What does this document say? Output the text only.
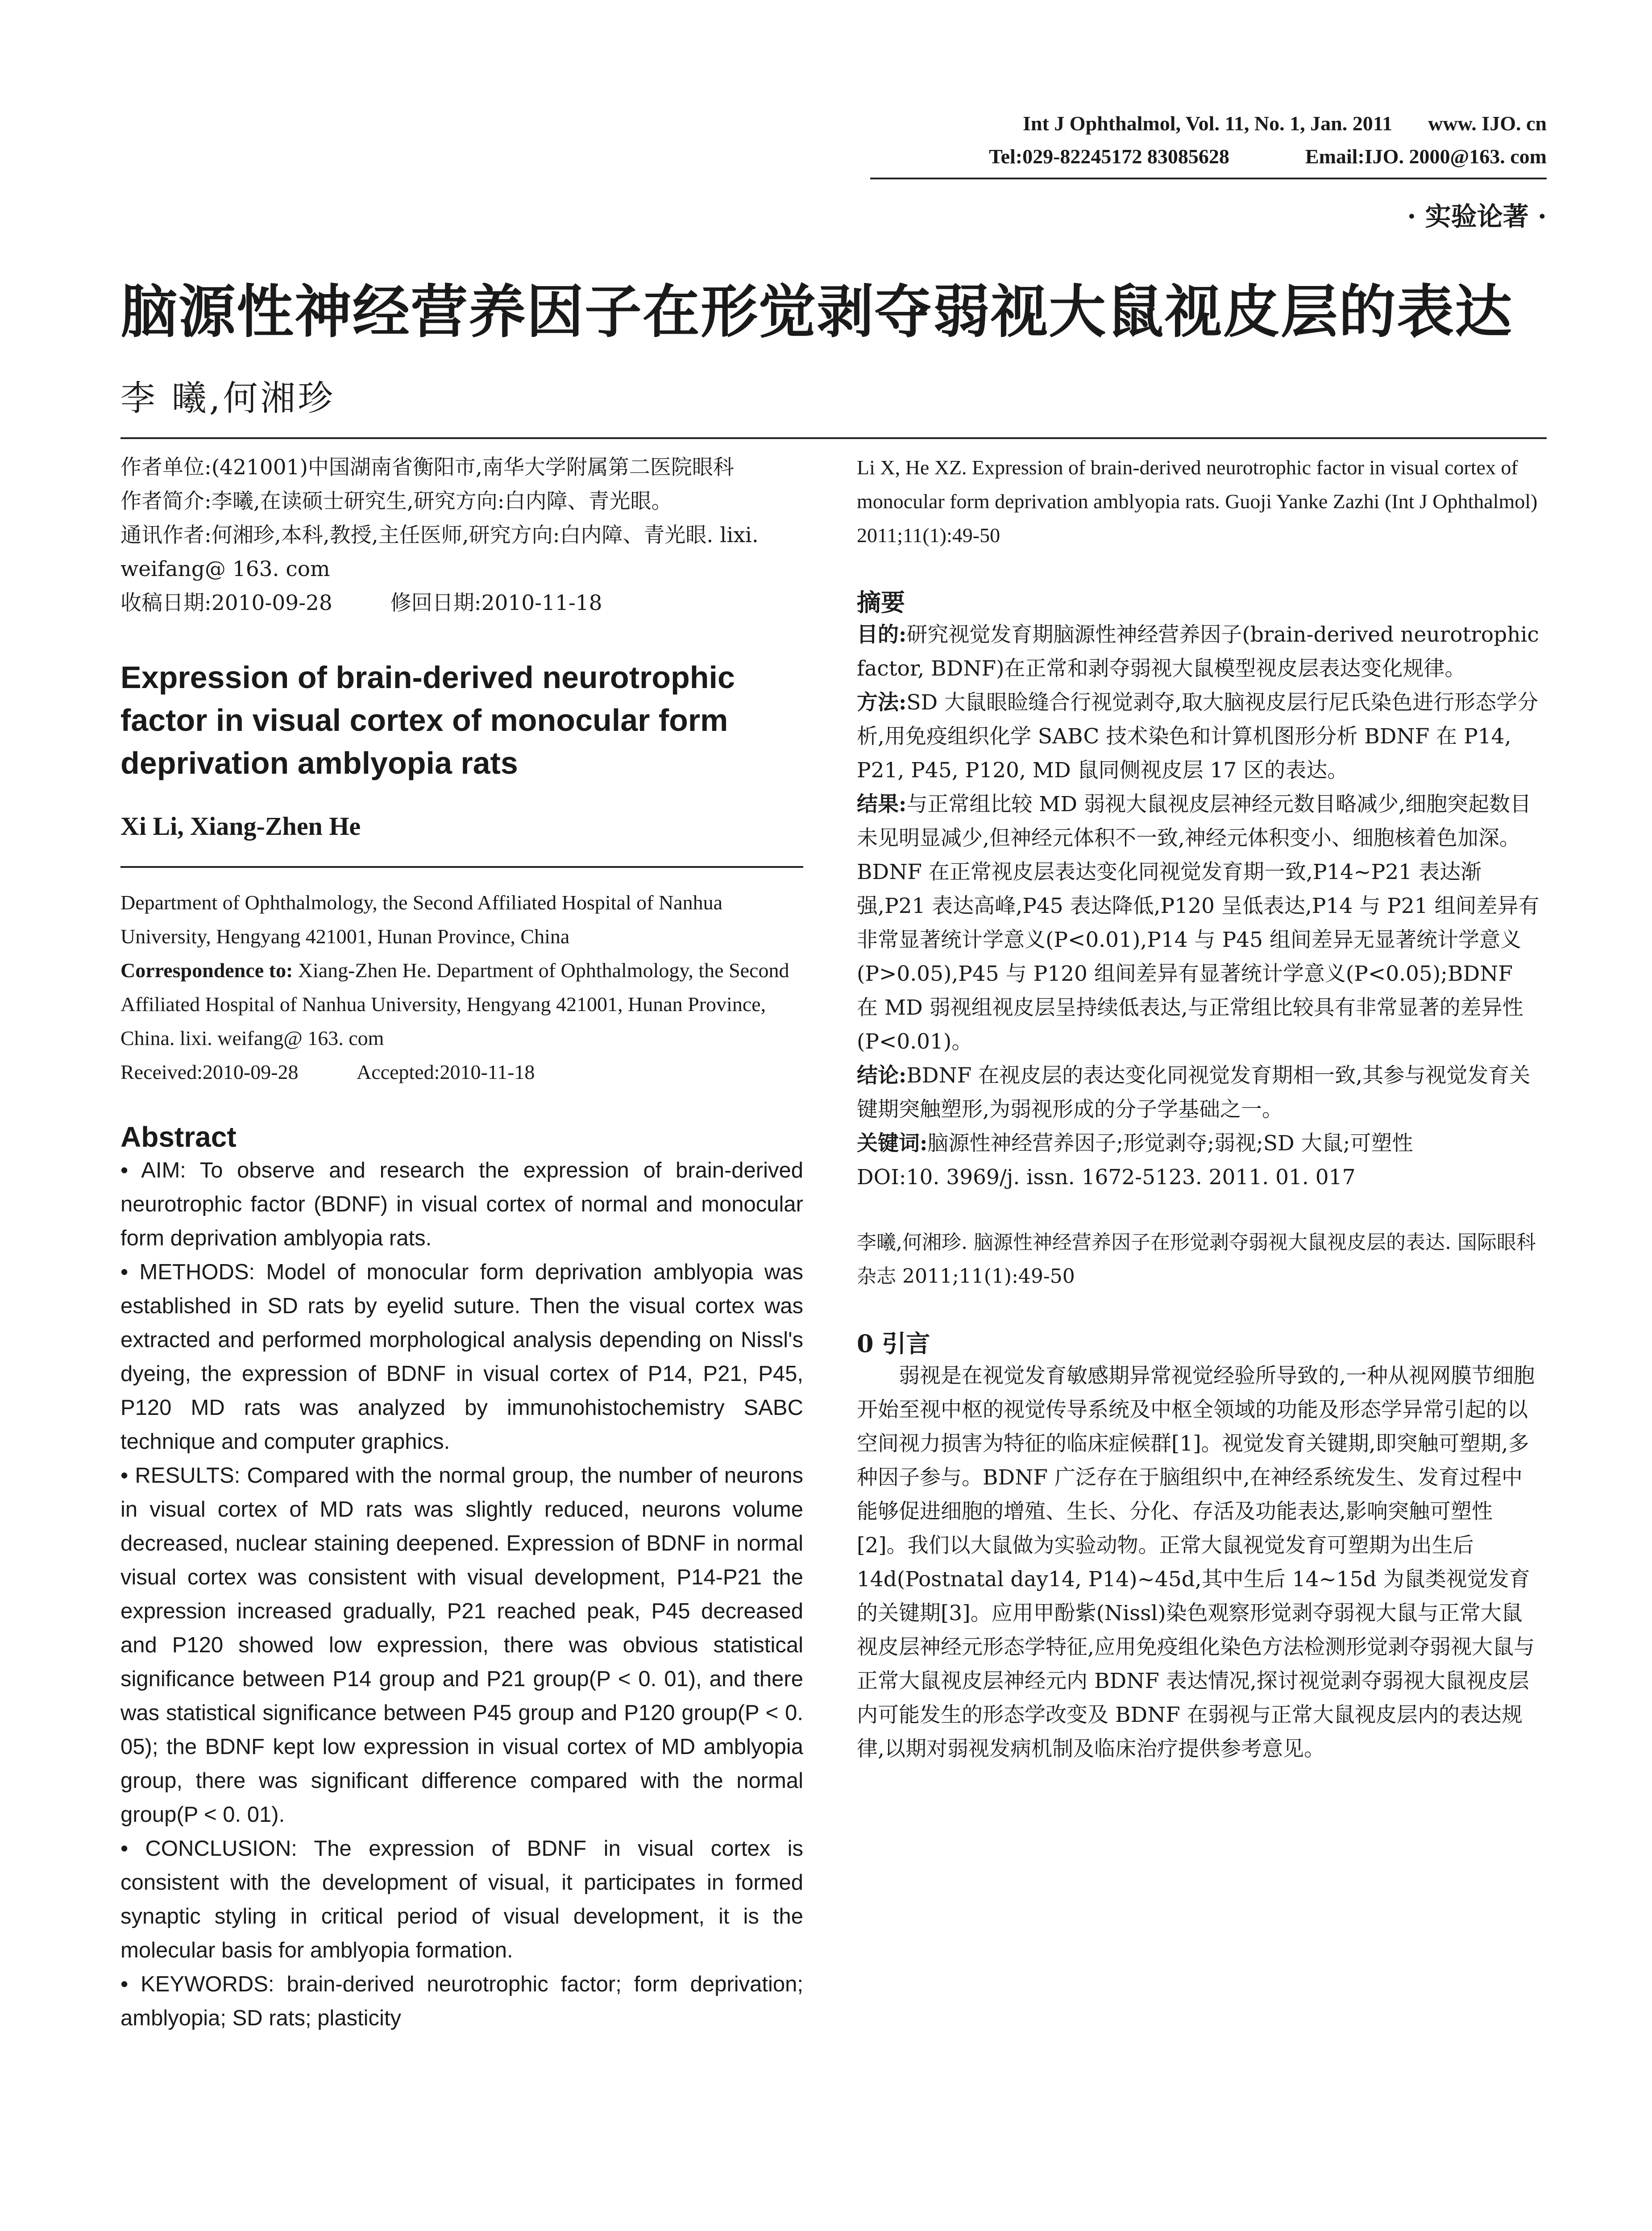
Int J Ophthalmol, Vol. 11, No. 1, Jan. 2011 www. IJO. cn
Tel:029-82245172 83085628	Email:IJO. 2000@163. com
· 实验论著 ·
脑源性神经营养因子在形觉剥夺弱视大鼠视皮层的表达
李 曦,何湘珍

作者单位:(421001)中国湖南省衡阳市,南华大学附属第二医院眼科

作者简介:李曦,在读硕士研究生,研究方向:白内障、青光眼。

通讯作者:何湘珍,本科,教授,主任医师,研究方向:白内障、青光眼. lixi. weifang@ 163. com

收稿日期:2010-09-28	修回日期:2010-11-18

Expression of brain-derived neurotrophic factor in visual cortex of monocular form deprivation amblyopia rats

Xi Li, Xiang-Zhen He

Department of Ophthalmology, the Second Affiliated Hospital of Nanhua University, Hengyang 421001, Hunan Province, China

Correspondence to: Xiang-Zhen He. Department of Ophthalmology, the Second Affiliated Hospital of Nanhua University, Hengyang 421001, Hunan Province, China. lixi. weifang@ 163. com

Received:2010-09-28	Accepted:2010-11-18

Abstract

• AIM: To observe and research the expression of brain-derived neurotrophic factor (BDNF) in visual cortex of normal and monocular form deprivation amblyopia rats.

• METHODS: Model of monocular form deprivation amblyopia was established in SD rats by eyelid suture. Then the visual cortex was extracted and performed morphological analysis depending on Nissl's dyeing, the expression of BDNF in visual cortex of P14, P21, P45, P120 MD rats was analyzed by immunohistochemistry SABC technique and computer graphics.

• RESULTS: Compared with the normal group, the number of neurons in visual cortex of MD rats was slightly reduced, neurons volume decreased, nuclear staining deepened. Expression of BDNF in normal visual cortex was consistent with visual development, P14-P21 the expression increased gradually, P21 reached peak, P45 decreased and P120 showed low expression, there was obvious statistical significance between P14 group and P21 group(P < 0. 01), and there was statistical significance between P45 group and P120 group(P < 0. 05); the BDNF kept low expression in visual cortex of MD amblyopia group, there was significant difference compared with the normal group(P < 0. 01).

• CONCLUSION: The expression of BDNF in visual cortex is consistent with the development of visual, it participates in formed synaptic styling in critical period of visual development, it is the molecular basis for amblyopia formation.

• KEYWORDS: brain-derived neurotrophic factor; form deprivation; amblyopia; SD rats; plasticity

Li X, He XZ. Expression of brain-derived neurotrophic factor in visual cortex of monocular form deprivation amblyopia rats. Guoji Yanke Zazhi (Int J Ophthalmol) 2011;11(1):49-50

摘要

目的:研究视觉发育期脑源性神经营养因子(brain-derived neurotrophic factor, BDNF)在正常和剥夺弱视大鼠模型视皮层表达变化规律。

方法:SD 大鼠眼睑缝合行视觉剥夺,取大脑视皮层行尼氏染色进行形态学分析,用免疫组织化学 SABC 技术染色和计算机图形分析 BDNF 在 P14, P21, P45, P120, MD 鼠同侧视皮层 17 区的表达。

结果:与正常组比较 MD 弱视大鼠视皮层神经元数目略减少,细胞突起数目未见明显减少,但神经元体积不一致,神经元体积变小、细胞核着色加深。BDNF 在正常视皮层表达变化同视觉发育期一致,P14~P21 表达渐强,P21 表达高峰,P45 表达降低,P120 呈低表达,P14 与 P21 组间差异有非常显著统计学意义(P<0.01),P14 与 P45 组间差异无显著统计学意义(P>0.05),P45 与 P120 组间差异有显著统计学意义(P<0.05);BDNF 在 MD 弱视组视皮层呈持续低表达,与正常组比较具有非常显著的差异性(P<0.01)。

结论:BDNF 在视皮层的表达变化同视觉发育期相一致,其参与视觉发育关键期突触塑形,为弱视形成的分子学基础之一。

关键词:脑源性神经营养因子;形觉剥夺;弱视;SD 大鼠;可塑性

DOI:10. 3969/j. issn. 1672-5123. 2011. 01. 017

李曦,何湘珍. 脑源性神经营养因子在形觉剥夺弱视大鼠视皮层的表达. 国际眼科杂志 2011;11(1):49-50

0 引言

弱视是在视觉发育敏感期异常视觉经验所导致的,一种从视网膜节细胞开始至视中枢的视觉传导系统及中枢全领域的功能及形态学异常引起的以空间视力损害为特征的临床症候群[1]。视觉发育关键期,即突触可塑期,多种因子参与。BDNF 广泛存在于脑组织中,在神经系统发生、发育过程中能够促进细胞的增殖、生长、分化、存活及功能表达,影响突触可塑性[2]。我们以大鼠做为实验动物。正常大鼠视觉发育可塑期为出生后 14d(Postnatal day14, P14)~45d,其中生后 14~15d 为鼠类视觉发育的关键期[3]。应用甲酚紫(Nissl)染色观察形觉剥夺弱视大鼠与正常大鼠视皮层神经元形态学特征,应用免疫组化染色方法检测形觉剥夺弱视大鼠与正常大鼠视皮层神经元内 BDNF 表达情况,探讨视觉剥夺弱视大鼠视皮层内可能发生的形态学改变及 BDNF 在弱视与正常大鼠视皮层内的表达规律,以期对弱视发病机制及临床治疗提供参考意见。
